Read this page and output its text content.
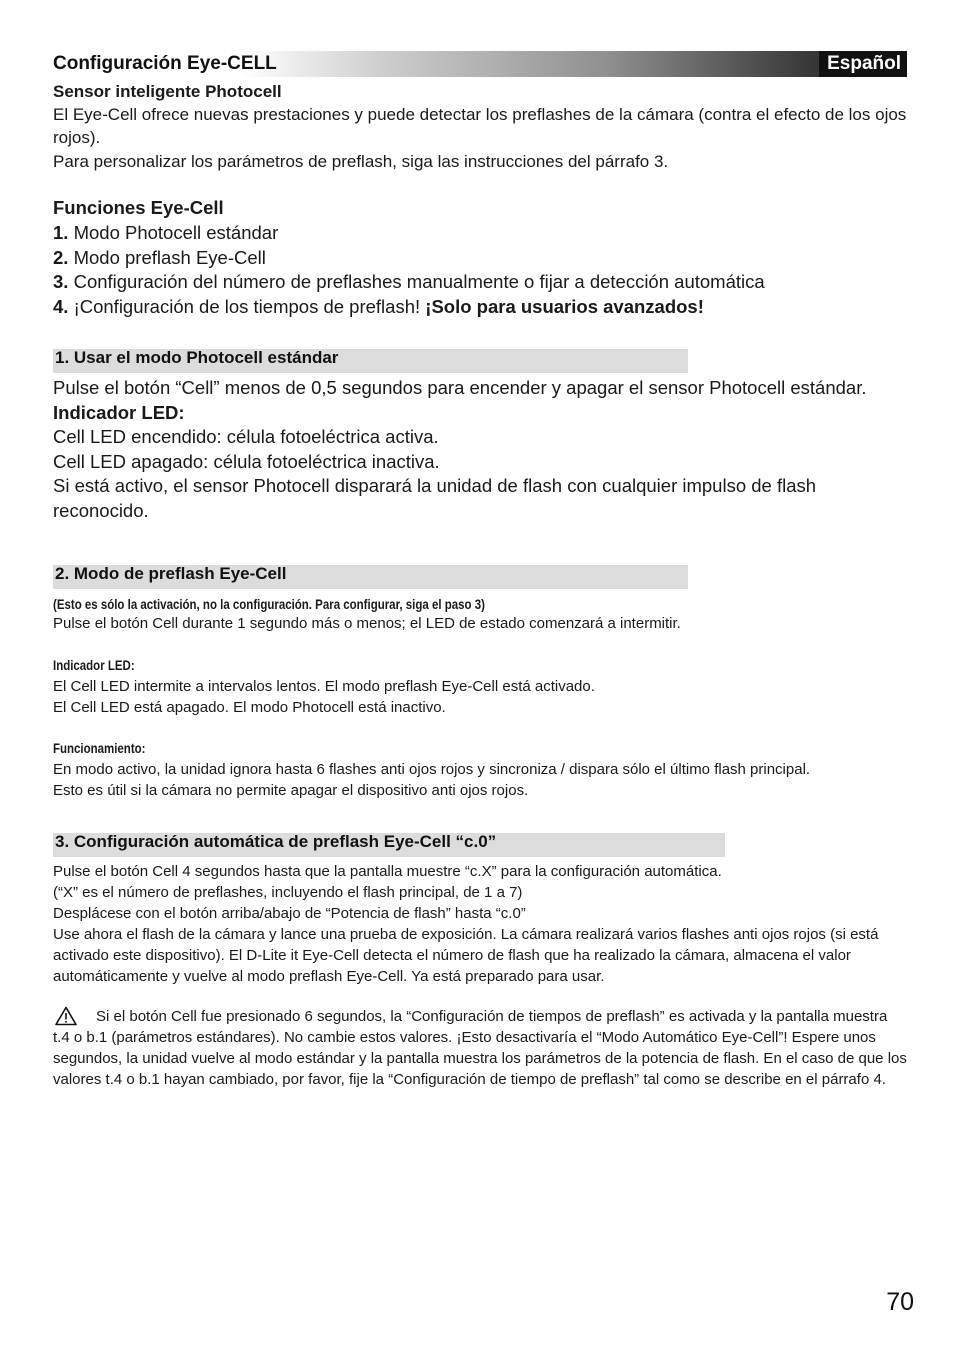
Configuración Eye-CELL	Español
Sensor inteligente Photocell
El Eye-Cell ofrece nuevas prestaciones y puede detectar los preflashes de la cámara (contra el efecto de los ojos rojos).
Para personalizar los parámetros de preflash, siga las instrucciones del párrafo 3.
Funciones Eye-Cell

1. Modo Photocell estándar

2. Modo preflash Eye-Cell

3. Configuración del número de preflashes manualmente o fijar a detección automática

4. ¡Configuración de los tiempos de preflash! ¡Solo para usuarios avanzados!

1. Usar el modo Photocell estándar

Pulse el botón “Cell” menos de 0,5 segundos para encender y apagar el sensor Photocell estándar.

Indicador LED:

Cell LED encendido: célula fotoeléctrica activa.

Cell LED apagado: célula fotoeléctrica inactiva.

Si está activo, el sensor Photocell disparará la unidad de flash con cualquier impulso de flash reconocido.

2. Modo de preflash Eye-Cell
(Esto es sólo la activación, no la configuración. Para configurar, siga el paso 3)
Pulse el botón Cell durante 1 segundo más o menos; el LED de estado comenzará a intermitir.
Indicador LED:

El Cell LED intermite a intervalos lentos. El modo preflash Eye-Cell está activado.

El Cell LED está apagado. El modo Photocell está inactivo.

Funcionamiento:

En modo activo, la unidad ignora hasta 6 flashes anti ojos rojos y sincroniza / dispara sólo el último flash principal.

Esto es útil si la cámara no permite apagar el dispositivo anti ojos rojos.

3. Configuración automática de preflash Eye-Cell “c.0”

Pulse el botón Cell 4 segundos hasta que la pantalla muestre “c.X” para la configuración automática.

(“X” es el número de preflashes, incluyendo el flash principal, de 1 a 7)

Desplácese con el botón arriba/abajo de “Potencia de flash” hasta “c.0”

Use ahora el flash de la cámara y lance una prueba de exposición. La cámara realizará varios flashes anti ojos rojos (si está activado este dispositivo). El D-Lite it Eye-Cell detecta el número de flash que ha realizado la cámara, almacena el valor automáticamente y vuelve al modo preflash Eye-Cell. Ya está preparado para usar.

Si el botón Cell fue presionado 6 segundos, la “Configuración de tiempos de preflash” es activada y la pantalla muestra t.4 o b.1 (parámetros estándares). No cambie estos valores. ¡Esto desactivaría el “Modo Automático Eye-Cell”! Espere unos segundos, la unidad vuelve al modo estándar y la pantalla muestra los parámetros de la potencia de flash. En el caso de que los valores t.4 o b.1 hayan cambiado, por favor, fije la “Configuración de tiempo de preflash” tal como se describe en el párrafo 4.
70
